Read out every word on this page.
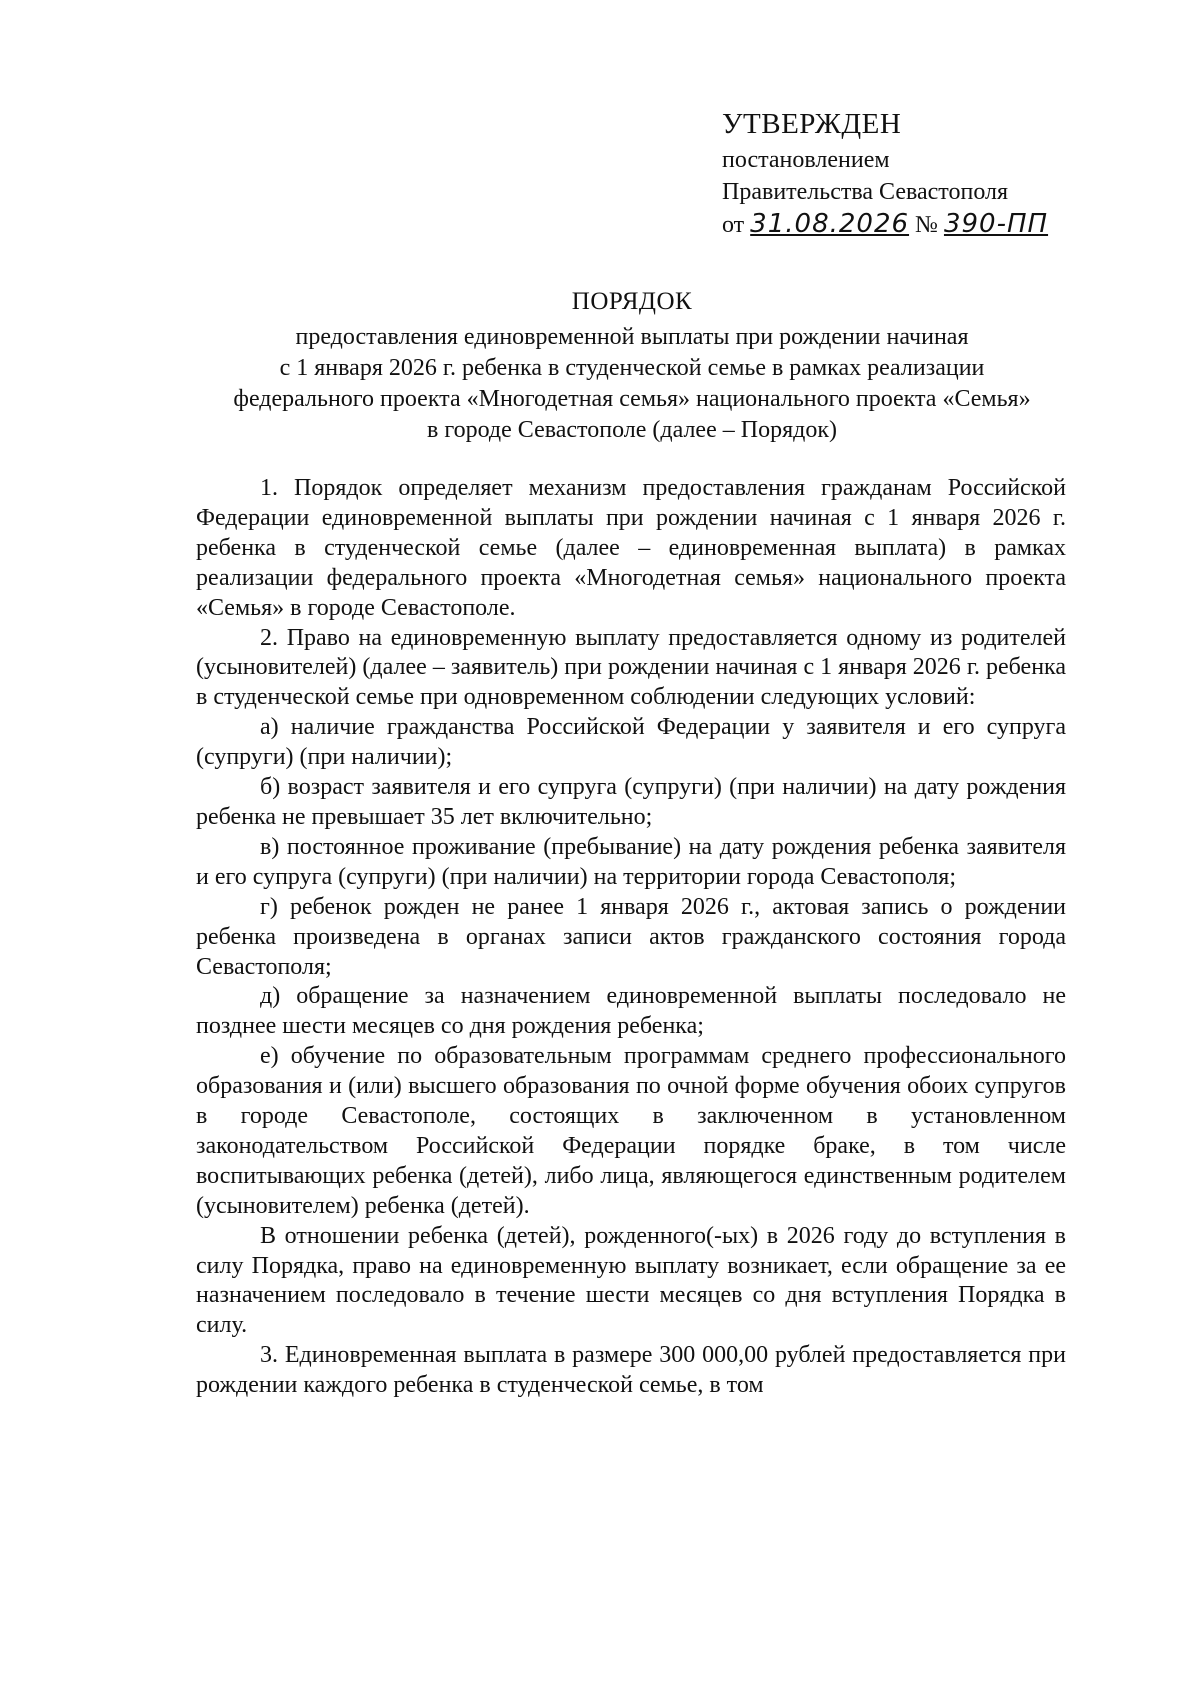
УТВЕРЖДЕН
постановлением
Правительства Севастополя
от 31.08.2026 № 390-ПП
ПОРЯДОК
предоставления единовременной выплаты при рождении начиная
с 1 января 2026 г. ребенка в студенческой семье в рамках реализации
федерального проекта «Многодетная семья» национального проекта «Семья»
в городе Севастополе (далее – Порядок)

1. Порядок определяет механизм предоставления гражданам Российской Федерации единовременной выплаты при рождении начиная с 1 января 2026 г. ребенка в студенческой семье (далее – единовременная выплата) в рамках реализации федерального проекта «Многодетная семья» национального проекта «Семья» в городе Севастополе.

2. Право на единовременную выплату предоставляется одному из родителей (усыновителей) (далее – заявитель) при рождении начиная с 1 января 2026 г. ребенка в студенческой семье при одновременном соблюдении следующих условий:

а) наличие гражданства Российской Федерации у заявителя и его супруга (супруги) (при наличии);

б) возраст заявителя и его супруга (супруги) (при наличии) на дату рождения ребенка не превышает 35 лет включительно;

в) постоянное проживание (пребывание) на дату рождения ребенка заявителя и его супруга (супруги) (при наличии) на территории города Севастополя;

г) ребенок рожден не ранее 1 января 2026 г., актовая запись о рождении ребенка произведена в органах записи актов гражданского состояния города Севастополя;

д) обращение за назначением единовременной выплаты последовало не позднее шести месяцев со дня рождения ребенка;

е) обучение по образовательным программам среднего профессионального образования и (или) высшего образования по очной форме обучения обоих супругов в городе Севастополе, состоящих в заключенном в установленном законодательством Российской Федерации порядке браке, в том числе воспитывающих ребенка (детей), либо лица, являющегося единственным родителем (усыновителем) ребенка (детей).

В отношении ребенка (детей), рожденного(-ых) в 2026 году до вступления в силу Порядка, право на единовременную выплату возникает, если обращение за ее назначением последовало в течение шести месяцев со дня вступления Порядка в силу.

3. Единовременная выплата в размере 300 000,00 рублей предоставляется при рождении каждого ребенка в студенческой семье, в том
